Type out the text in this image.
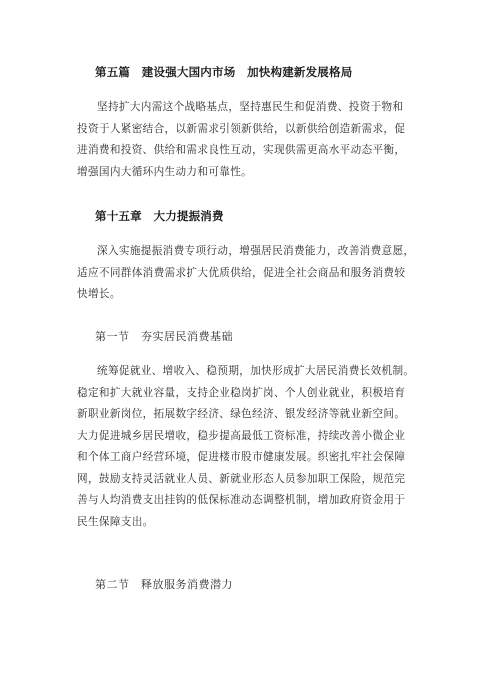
第五篇　建设强大国内市场　加快构建新发展格局
坚持扩大内需这个战略基点，坚持惠民生和促消费、投资于物和
投资于人紧密结合，以新需求引领新供给，以新供给创造新需求，促
进消费和投资、供给和需求良性互动，实现供需更高水平动态平衡，
增强国内大循环内生动力和可靠性。
第十五章　大力提振消费
深入实施提振消费专项行动，增强居民消费能力，改善消费意愿，
适应不同群体消费需求扩大优质供给，促进全社会商品和服务消费较
快增长。
第一节　夯实居民消费基础
统筹促就业、增收入、稳预期，加快形成扩大居民消费长效机制。
稳定和扩大就业容量，支持企业稳岗扩岗、个人创业就业，积极培育
新职业新岗位，拓展数字经济、绿色经济、银发经济等就业新空间。
大力促进城乡居民增收，稳步提高最低工资标准，持续改善小微企业
和个体工商户经营环境，促进楼市股市健康发展。织密扎牢社会保障
网，鼓励支持灵活就业人员、新就业形态人员参加职工保险，规范完
善与人均消费支出挂钩的低保标准动态调整机制，增加政府资金用于
民生保障支出。
第二节　释放服务消费潜力
